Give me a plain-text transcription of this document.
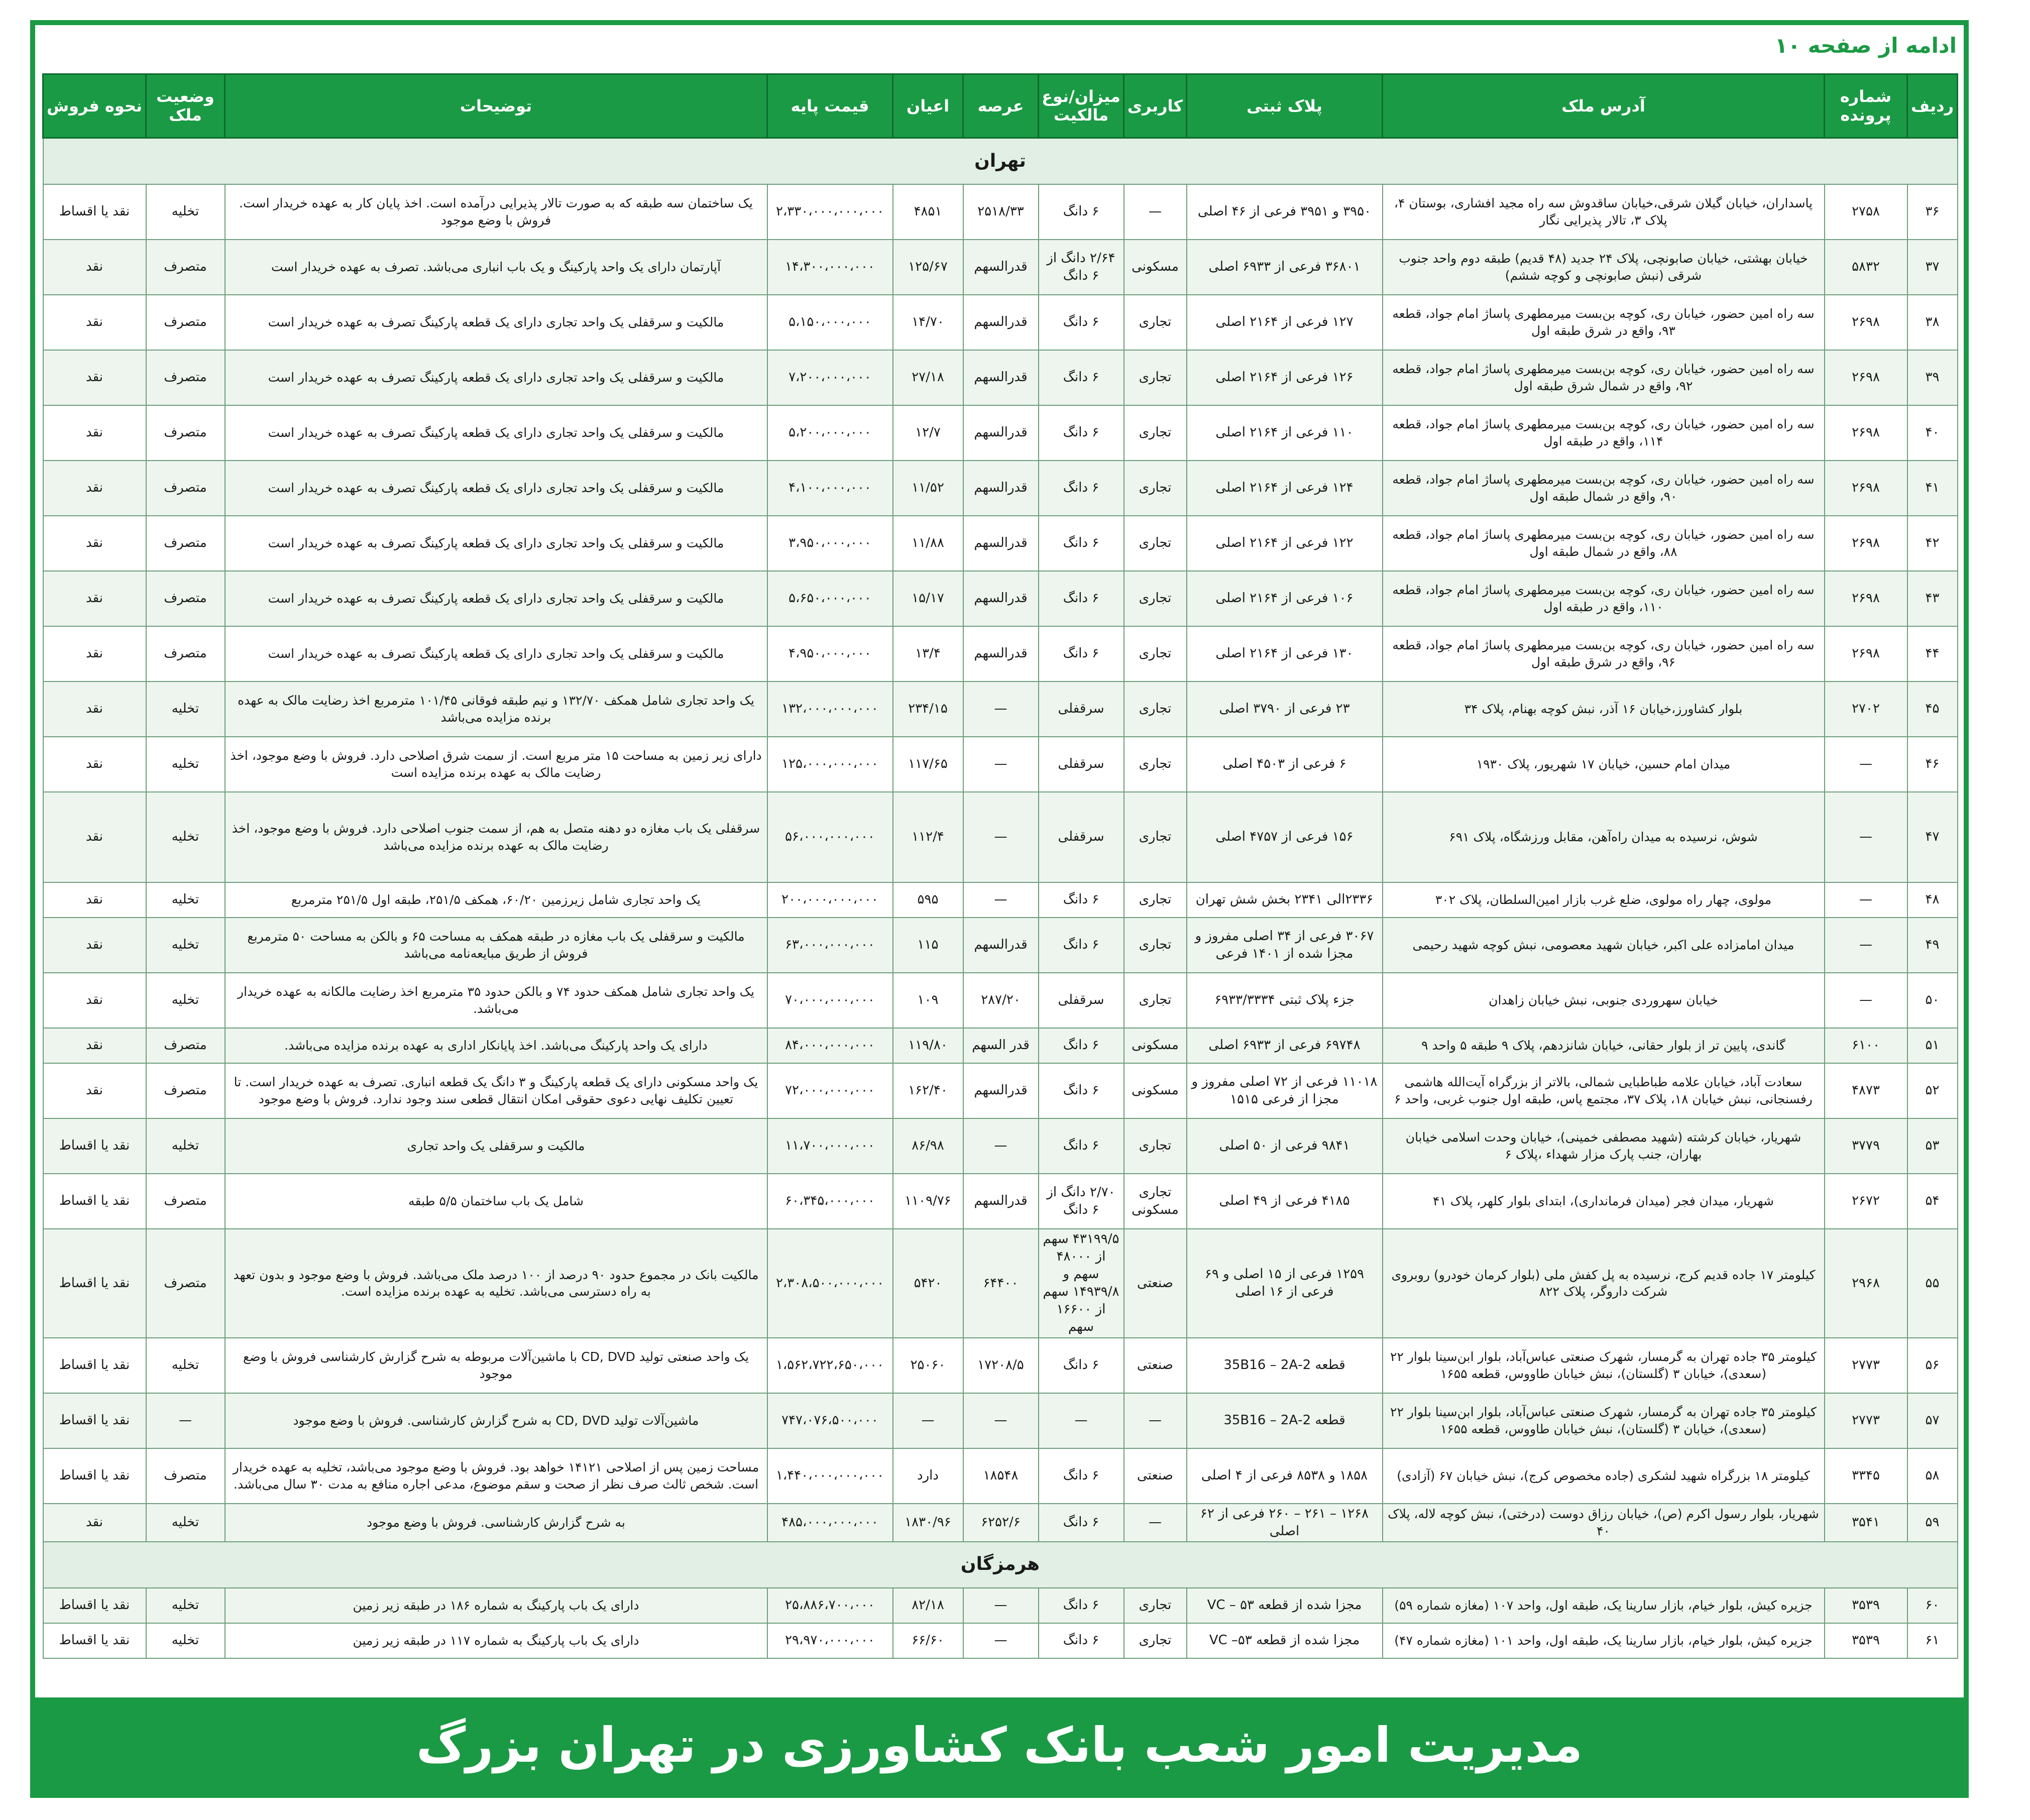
ادامه از صفحه ۱۰
ردیف	شماره پرونده	آدرس ملک	پلاک ثبتی	کاربری	میزان/نوع مالکیت	عرصه	اعیان	قیمت پایه	توضیحات	وضعیت ملک	نحوه فروش
تهران											
۳۶	۲۷۵۸	پاسداران، خیابان گیلان شرقی،خیابان ساقدوش سه راه مجید افشاری، بوستان ۴، پلاک ۳، تالار پذیرایی نگار	۳۹۵۰ و ۳۹۵۱ فرعی از ۴۶ اصلی	—	۶ دانگ	۲۵۱۸/۳۳	۴۸۵۱	۲،۳۳۰،۰۰۰،۰۰۰،۰۰۰	یک ساختمان سه طبقه که به صورت تالار پذیرایی درآمده است. اخذ پایان کار به عهده خریدار است. فروش با وضع موجود	تخلیه	نقد یا اقساط
۳۷	۵۸۳۲	خیابان بهشتی، خیابان صابونچی، پلاک ۲۴ جدید (۴۸ قدیم) طبقه دوم واحد جنوب شرقی (نبش صابونچی و کوچه ششم)	۳۶۸۰۱ فرعی از ۶۹۳۳ اصلی	مسکونی	۲/۶۴ دانگ از ۶ دانگ	قدرالسهم	۱۲۵/۶۷	۱۴،۳۰۰،۰۰۰،۰۰۰	آپارتمان دارای یک واحد پارکینگ و یک باب انباری می‌باشد. تصرف به عهده خریدار است	متصرف	نقد
۳۸	۲۶۹۸	سه راه امین حضور، خیابان ری، کوچه بن‌بست میرمطهری پاساژ امام جواد، قطعه ۹۳، واقع در شرق طبقه اول	۱۲۷ فرعی از ۲۱۶۴ اصلی	تجاری	۶ دانگ	قدرالسهم	۱۴/۷۰	۵،۱۵۰،۰۰۰،۰۰۰	مالکیت و سرقفلی یک واحد تجاری دارای یک قطعه پارکینگ تصرف به عهده خریدار است	متصرف	نقد
۳۹	۲۶۹۸	سه راه امین حضور، خیابان ری، کوچه بن‌بست میرمطهری پاساژ امام جواد، قطعه ۹۲، واقع در شمال شرق طبقه اول	۱۲۶ فرعی از ۲۱۶۴ اصلی	تجاری	۶ دانگ	قدرالسهم	۲۷/۱۸	۷،۲۰۰،۰۰۰،۰۰۰	مالکیت و سرقفلی یک واحد تجاری دارای یک قطعه پارکینگ تصرف به عهده خریدار است	متصرف	نقد
۴۰	۲۶۹۸	سه راه امین حضور، خیابان ری، کوچه بن‌بست میرمطهری پاساژ امام جواد، قطعه ۱۱۴، واقع در طبقه اول	۱۱۰ فرعی از ۲۱۶۴ اصلی	تجاری	۶ دانگ	قدرالسهم	۱۲/۷	۵،۲۰۰،۰۰۰،۰۰۰	مالکیت و سرقفلی یک واحد تجاری دارای یک قطعه پارکینگ تصرف به عهده خریدار است	متصرف	نقد
۴۱	۲۶۹۸	سه راه امین حضور، خیابان ری، کوچه بن‌بست میرمطهری پاساژ امام جواد، قطعه ۹۰، واقع در شمال طبقه اول	۱۲۴ فرعی از ۲۱۶۴ اصلی	تجاری	۶ دانگ	قدرالسهم	۱۱/۵۲	۴،۱۰۰،۰۰۰،۰۰۰	مالکیت و سرقفلی یک واحد تجاری دارای یک قطعه پارکینگ تصرف به عهده خریدار است	متصرف	نقد
۴۲	۲۶۹۸	سه راه امین حضور، خیابان ری، کوچه بن‌بست میرمطهری پاساژ امام جواد، قطعه ۸۸، واقع در شمال طبقه اول	۱۲۲ فرعی از ۲۱۶۴ اصلی	تجاری	۶ دانگ	قدرالسهم	۱۱/۸۸	۳،۹۵۰،۰۰۰،۰۰۰	مالکیت و سرقفلی یک واحد تجاری دارای یک قطعه پارکینگ تصرف به عهده خریدار است	متصرف	نقد
۴۳	۲۶۹۸	سه راه امین حضور، خیابان ری، کوچه بن‌بست میرمطهری پاساژ امام جواد، قطعه ۱۱۰، واقع در طبقه اول	۱۰۶ فرعی از ۲۱۶۴ اصلی	تجاری	۶ دانگ	قدرالسهم	۱۵/۱۷	۵،۶۵۰،۰۰۰،۰۰۰	مالکیت و سرقفلی یک واحد تجاری دارای یک قطعه پارکینگ تصرف به عهده خریدار است	متصرف	نقد
۴۴	۲۶۹۸	سه راه امین حضور، خیابان ری، کوچه بن‌بست میرمطهری پاساژ امام جواد، قطعه ۹۶، واقع در شرق طبقه اول	۱۳۰ فرعی از ۲۱۶۴ اصلی	تجاری	۶ دانگ	قدرالسهم	۱۳/۴	۴،۹۵۰،۰۰۰،۰۰۰	مالکیت و سرقفلی یک واحد تجاری دارای یک قطعه پارکینگ تصرف به عهده خریدار است	متصرف	نقد
۴۵	۲۷۰۲	بلوار کشاورز،خیابان ۱۶ آذر، نبش کوچه بهنام، پلاک ۳۴	۲۳ فرعی از ۳۷۹۰ اصلی	تجاری	سرقفلی	—	۲۳۴/۱۵	۱۳۲،۰۰۰،۰۰۰،۰۰۰	یک واحد تجاری شامل همکف ۱۳۲/۷۰ و نیم طبقه فوقانی ۱۰۱/۴۵ مترمربع اخذ رضایت مالک به عهده برنده مزایده می‌باشد	تخلیه	نقد
۴۶	—	میدان امام حسین، خیابان ۱۷ شهریور، پلاک ۱۹۳۰	۶ فرعی از ۴۵۰۳ اصلی	تجاری	سرقفلی	—	۱۱۷/۶۵	۱۲۵،۰۰۰،۰۰۰،۰۰۰	دارای زیر زمین به مساحت ۱۵ متر مربع است. از سمت شرق اصلاحی دارد. فروش با وضع موجود، اخذ رضایت مالک به عهده برنده مزایده است	تخلیه	نقد
۴۷	—	شوش، نرسیده به میدان راه‌آهن، مقابل ورزشگاه، پلاک ۶۹۱	۱۵۶ فرعی از ۴۷۵۷ اصلی	تجاری	سرقفلی	—	۱۱۲/۴	۵۶،۰۰۰،۰۰۰،۰۰۰	سرقفلی یک باب مغازه دو دهنه متصل به هم، از سمت جنوب اصلاحی دارد. فروش با وضع موجود، اخذ رضایت مالک به عهده برنده مزایده می‌باشد	تخلیه	نقد
۴۸	—	مولوی، چهار راه مولوی، ضلع غرب بازار امین‌السلطان، پلاک ۳۰۲	۲۳۳۶الی ۲۳۴۱ بخش شش تهران	تجاری	۶ دانگ	—	۵۹۵	۲۰۰،۰۰۰،۰۰۰،۰۰۰	یک واحد تجاری شامل زیرزمین ۶۰/۲۰، همکف ۲۵۱/۵، طبقه اول ۲۵۱/۵ مترمربع	تخلیه	نقد
۴۹	—	میدان امامزاده علی اکبر، خیابان شهید معصومی، نبش کوچه شهید رحیمی	۳۰۶۷ فرعی از ۳۴ اصلی مفروز و مجزا شده از ۱۴۰۱ فرعی	تجاری	۶ دانگ	قدرالسهم	۱۱۵	۶۳،۰۰۰،۰۰۰،۰۰۰	مالکیت و سرقفلی یک باب مغازه در طبقه همکف به مساحت ۶۵ و بالکن به مساحت ۵۰ مترمربع فروش از طریق مبایعه‌نامه می‌باشد	تخلیه	نقد
۵۰	—	خیابان سهروردی جنوبی، نبش خیابان زاهدان	جزء پلاک ثبتی ۶۹۳۳/۳۳۳۴	تجاری	سرقفلی	۲۸۷/۲۰	۱۰۹	۷۰،۰۰۰،۰۰۰،۰۰۰	یک واحد تجاری شامل همکف حدود ۷۴ و بالکن حدود ۳۵ مترمربع اخذ رضایت مالکانه به عهده خریدار می‌باشد.	تخلیه	نقد
۵۱	۶۱۰۰	گاندی، پایین تر از بلوار حقانی، خیابان شانزدهم، پلاک ۹ طبقه ۵ واحد ۹	۶۹۷۴۸ فرعی از ۶۹۳۳ اصلی	مسکونی	۶ دانگ	قدر السهم	۱۱۹/۸۰	۸۴،۰۰۰،۰۰۰،۰۰۰	دارای یک واحد پارکینگ می‌باشد. اخذ پایانکار اداری به عهده برنده مزایده می‌باشد.	متصرف	نقد
۵۲	۴۸۷۳	سعادت آباد، خیابان علامه طباطبایی شمالی، بالاتر از بزرگراه آیت‌الله هاشمی رفسنجانی، نبش خیابان ۱۸، پلاک ۳۷، مجتمع پاس، طبقه اول جنوب غربی، واحد ۶	۱۱۰۱۸ فرعی از ۷۲ اصلی مفروز و مجزا از فرعی ۱۵۱۵	مسکونی	۶ دانگ	قدرالسهم	۱۶۲/۴۰	۷۲،۰۰۰،۰۰۰،۰۰۰	یک واحد مسکونی دارای یک قطعه پارکینگ و ۳ دانگ یک قطعه انباری. تصرف به عهده خریدار است. تا تعیین تکلیف نهایی دعوی حقوقی امکان انتقال قطعی سند وجود ندارد. فروش با وضع موجود	متصرف	نقد
۵۳	۳۷۷۹	شهریار، خیابان کرشته (شهید مصطفی خمینی)، خیابان وحدت اسلامی خیابان بهاران، جنب پارک مزار شهداء ،پلاک ۶	۹۸۴۱ فرعی از ۵۰ اصلی	تجاری	۶ دانگ	—	۸۶/۹۸	۱۱،۷۰۰،۰۰۰،۰۰۰	مالکیت و سرقفلی یک واحد تجاری	تخلیه	نقد یا اقساط
۵۴	۲۶۷۲	شهریار، میدان فجر (میدان فرمانداری)، ابتدای بلوار کلهر، پلاک ۴۱	۴۱۸۵ فرعی از ۴۹ اصلی	تجاری مسکونی	۲/۷۰ دانگ از ۶ دانگ	قدرالسهم	۱۱۰۹/۷۶	۶۰،۳۴۵،۰۰۰،۰۰۰	شامل یک باب ساختمان ۵/۵ طبقه	متصرف	نقد یا اقساط
۵۵	۲۹۶۸	کیلومتر ۱۷ جاده قدیم کرج، نرسیده به پل کفش ملی (بلوار کرمان خودرو) روبروی شرکت داروگر، پلاک ۸۲۲	۱۲۵۹ فرعی از ۱۵ اصلی و ۶۹ فرعی از ۱۶ اصلی	صنعتی	۴۳۱۹۹/۵ سهم از ۴۸۰۰۰ سهم و ۱۴۹۳۹/۸ سهم از ۱۶۶۰۰ سهم	۶۴۴۰۰	۵۴۲۰	۲،۳۰۸،۵۰۰،۰۰۰،۰۰۰	مالکیت بانک در مجموع حدود ۹۰ درصد از ۱۰۰ درصد ملک می‌باشد. فروش با وضع موجود و بدون تعهد به راه دسترسی می‌باشد. تخلیه به عهده برنده مزایده است.	متصرف	نقد یا اقساط
۵۶	۲۷۷۳	کیلومتر ۳۵ جاده تهران به گرمسار، شهرک صنعتی عباس‌آباد، بلوار ابن‌سینا بلوار ۲۲ (سعدی)، خیابان ۳ (گلستان)، نبش خیابان طاووس، قطعه ۱۶۵۵	قطعه 2-35B16 – 2A	صنعتی	۶ دانگ	۱۷۲۰۸/۵	۲۵۰۶۰	۱،۵۶۲،۷۲۲،۶۵۰،۰۰۰	یک واحد صنعتی تولید CD, DVD با ماشین‌آلات مربوطه به شرح گزارش کارشناسی فروش با وضع موجود	تخلیه	نقد یا اقساط
۵۷	۲۷۷۳	کیلومتر ۳۵ جاده تهران به گرمسار، شهرک صنعتی عباس‌آباد، بلوار ابن‌سینا بلوار ۲۲ (سعدی)، خیابان ۳ (گلستان)، نبش خیابان طاووس، قطعه ۱۶۵۵	قطعه 2-35B16 – 2A	—	—	—	—	۷۴۷،۰۷۶،۵۰۰،۰۰۰	ماشین‌آلات تولید CD, DVD به شرح گزارش کارشناسی. فروش با وضع موجود	—	نقد یا اقساط
۵۸	۳۳۴۵	کیلومتر ۱۸ بزرگراه شهید لشکری (جاده مخصوص کرج)، نبش خیابان ۶۷ (آزادی)	۱۸۵۸ و ۸۵۳۸ فرعی از ۴ اصلی	صنعتی	۶ دانگ	۱۸۵۴۸	دارد	۱،۴۴۰،۰۰۰،۰۰۰،۰۰۰	مساحت زمین پس از اصلاحی ۱۴۱۲۱ خواهد بود. فروش با وضع موجود می‌باشد، تخلیه به عهده خریدار است. شخص ثالث صرف نظر از صحت و سقم موضوع، مدعی اجاره منافع به مدت ۳۰ سال می‌باشد.	متصرف	نقد یا اقساط
۵۹	۳۵۴۱	شهریار، بلوار رسول اکرم (ص)، خیابان رزاق دوست (درختی)، نبش کوچه لاله، پلاک ۴۰	۱۲۶۸ – ۲۶۱ – ۲۶۰ فرعی از ۶۲ اصلی	—	۶ دانگ	۶۲۵۲/۶	۱۸۳۰/۹۶	۴۸۵،۰۰۰،۰۰۰،۰۰۰	به شرح گزارش کارشناسی. فروش با وضع موجود	تخلیه	نقد
هرمزگان											
۶۰	۳۵۳۹	جزیره کیش، بلوار خیام، بازار سارینا یک، طبقه اول، واحد ۱۰۷ (مغازه شماره ۵۹)	مجزا شده از قطعه ۵۳ – VC	تجاری	۶ دانگ	—	۸۲/۱۸	۲۵،۸۸۶،۷۰۰،۰۰۰	دارای یک باب پارکینگ به شماره ۱۸۶ در طبقه زیر زمین	تخلیه	نقد یا اقساط
۶۱	۳۵۳۹	جزیره کیش، بلوار خیام، بازار سارینا یک، طبقه اول، واحد ۱۰۱ (مغازه شماره ۴۷)	مجزا شده از قطعه ۵۳– VC	تجاری	۶ دانگ	—	۶۶/۶۰	۲۹،۹۷۰،۰۰۰،۰۰۰	دارای یک باب پارکینگ به شماره ۱۱۷ در طبقه زیر زمین	تخلیه	نقد یا اقساط
مدیریت امور شعب بانک کشاورزی در تهران بزرگ
